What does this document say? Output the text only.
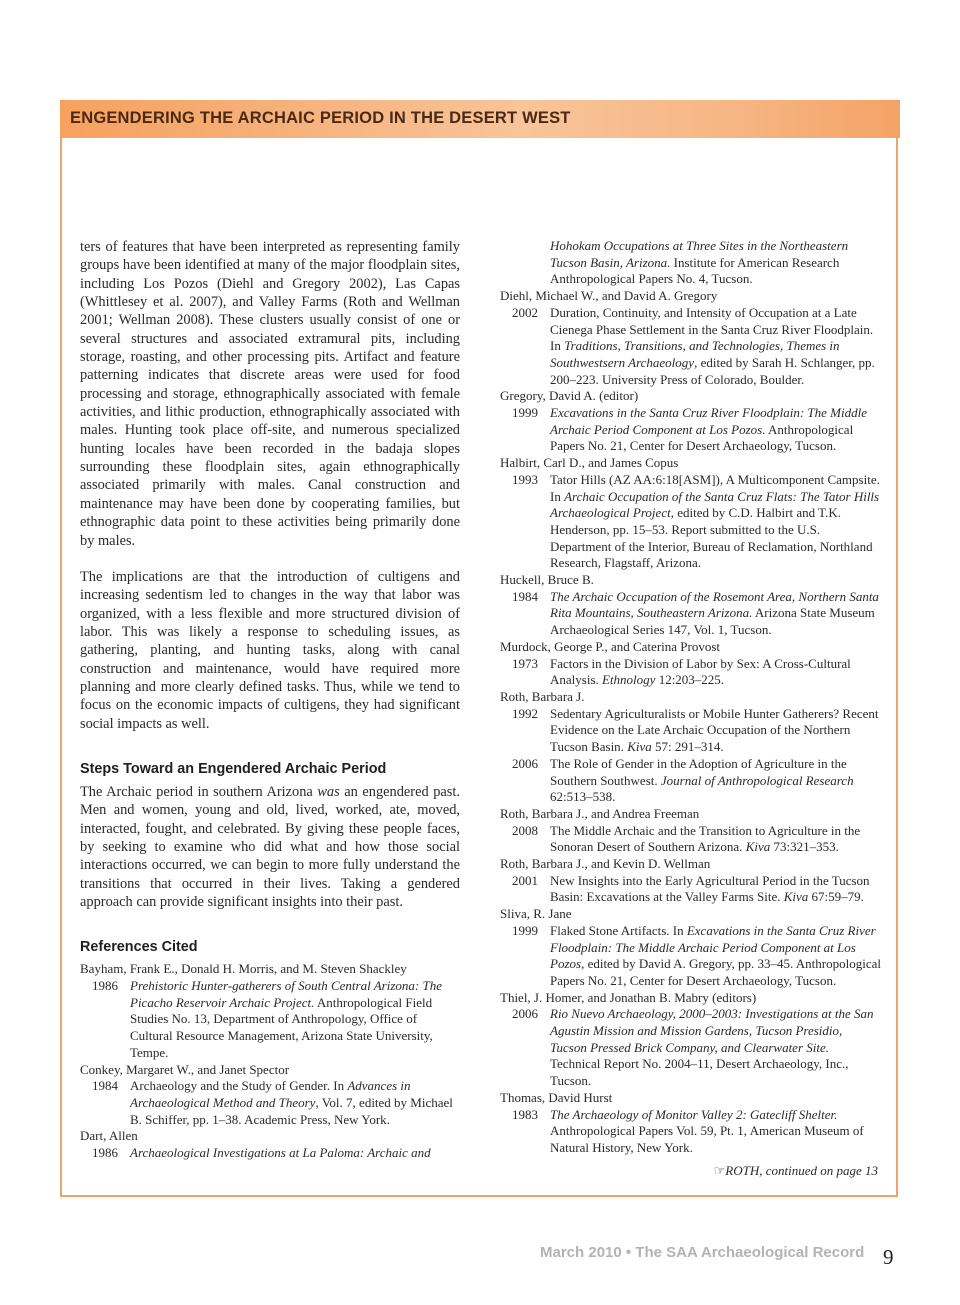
ENGENDERING THE ARCHAIC PERIOD IN THE DESERT WEST

ters of features that have been interpreted as representing family groups have been identified at many of the major floodplain sites, including Los Pozos (Diehl and Gregory 2002), Las Capas (Whittlesey et al. 2007), and Valley Farms (Roth and Wellman 2001; Wellman 2008). These clusters usually consist of one or several structures and associated extramural pits, including storage, roasting, and other processing pits. Artifact and feature patterning indicates that discrete areas were used for food processing and storage, ethnographically associated with female activities, and lithic production, ethnographically associated with males. Hunting took place off-site, and numerous specialized hunting locales have been recorded in the badaja slopes surrounding these floodplain sites, again ethnographically associated primarily with males. Canal construction and maintenance may have been done by cooperating families, but ethnographic data point to these activities being primarily done by males.

The implications are that the introduction of cultigens and increasing sedentism led to changes in the way that labor was organized, with a less flexible and more structured division of labor. This was likely a response to scheduling issues, as gathering, planting, and hunting tasks, along with canal construction and maintenance, would have required more planning and more clearly defined tasks. Thus, while we tend to focus on the economic impacts of cultigens, they had significant social impacts as well.

Steps Toward an Engendered Archaic Period

The Archaic period in southern Arizona was an engendered past. Men and women, young and old, lived, worked, ate, moved, interacted, fought, and celebrated. By giving these people faces, by seeking to examine who did what and how those social interactions occurred, we can begin to more fully understand the transitions that occurred in their lives. Taking a gendered approach can provide significant insights into their past.

References Cited

Bayham, Frank E., Donald H. Morris, and M. Steven Shackley

1986 Prehistoric Hunter-gatherers of South Central Arizona: The Picacho Reservoir Archaic Project. Anthropological Field Studies No. 13, Department of Anthropology, Office of Cultural Resource Management, Arizona State University, Tempe.

Conkey, Margaret W., and Janet Spector

1984 Archaeology and the Study of Gender. In Advances in Archaeological Method and Theory, Vol. 7, edited by Michael B. Schiffer, pp. 1–38. Academic Press, New York.

Dart, Allen

1986 Archaeological Investigations at La Paloma: Archaic and
Hohokam Occupations at Three Sites in the Northeastern Tucson Basin, Arizona. Institute for American Research Anthropological Papers No. 4, Tucson.

Diehl, Michael W., and David A. Gregory

2002 Duration, Continuity, and Intensity of Occupation at a Late Cienega Phase Settlement in the Santa Cruz River Floodplain. In Traditions, Transitions, and Technologies, Themes in Southwestsern Archaeology, edited by Sarah H. Schlanger, pp. 200–223. University Press of Colorado, Boulder.

Gregory, David A. (editor)

1999 Excavations in the Santa Cruz River Floodplain: The Middle Archaic Period Component at Los Pozos. Anthropological Papers No. 21, Center for Desert Archaeology, Tucson.

Halbirt, Carl D., and James Copus

1993 Tator Hills (AZ AA:6:18[ASM]), A Multicomponent Campsite. In Archaic Occupation of the Santa Cruz Flats: The Tator Hills Archaeological Project, edited by C.D. Halbirt and T.K. Henderson, pp. 15–53. Report submitted to the U.S. Department of the Interior, Bureau of Reclamation, Northland Research, Flagstaff, Arizona.

Huckell, Bruce B.

1984 The Archaic Occupation of the Rosemont Area, Northern Santa Rita Mountains, Southeastern Arizona. Arizona State Museum Archaeological Series 147, Vol. 1, Tucson.

Murdock, George P., and Caterina Provost

1973 Factors in the Division of Labor by Sex: A Cross-Cultural Analysis. Ethnology 12:203–225.

Roth, Barbara J.

1992 Sedentary Agriculturalists or Mobile Hunter Gatherers? Recent Evidence on the Late Archaic Occupation of the Northern Tucson Basin. Kiva 57: 291–314.
2006 The Role of Gender in the Adoption of Agriculture in the Southern Southwest. Journal of Anthropological Research 62:513–538.

Roth, Barbara J., and Andrea Freeman

2008 The Middle Archaic and the Transition to Agriculture in the Sonoran Desert of Southern Arizona. Kiva 73:321–353.

Roth, Barbara J., and Kevin D. Wellman

2001 New Insights into the Early Agricultural Period in the Tucson Basin: Excavations at the Valley Farms Site. Kiva 67:59–79.

Sliva, R. Jane

1999 Flaked Stone Artifacts. In Excavations in the Santa Cruz River Floodplain: The Middle Archaic Period Component at Los Pozos, edited by David A. Gregory, pp. 33–45. Anthropological Papers No. 21, Center for Desert Archaeology, Tucson.

Thiel, J. Homer, and Jonathan B. Mabry (editors)

2006 Rio Nuevo Archaeology, 2000–2003: Investigations at the San Agustin Mission and Mission Gardens, Tucson Presidio, Tucson Pressed Brick Company, and Clearwater Site. Technical Report No. 2004–11, Desert Archaeology, Inc., Tucson.

Thomas, David Hurst

1983 The Archaeology of Monitor Valley 2: Gatecliff Shelter. Anthropological Papers Vol. 59, Pt. 1, American Museum of Natural History, New York.

☞ROTH, continued on page 13

March 2010 • The SAA Archaeological Record 9
